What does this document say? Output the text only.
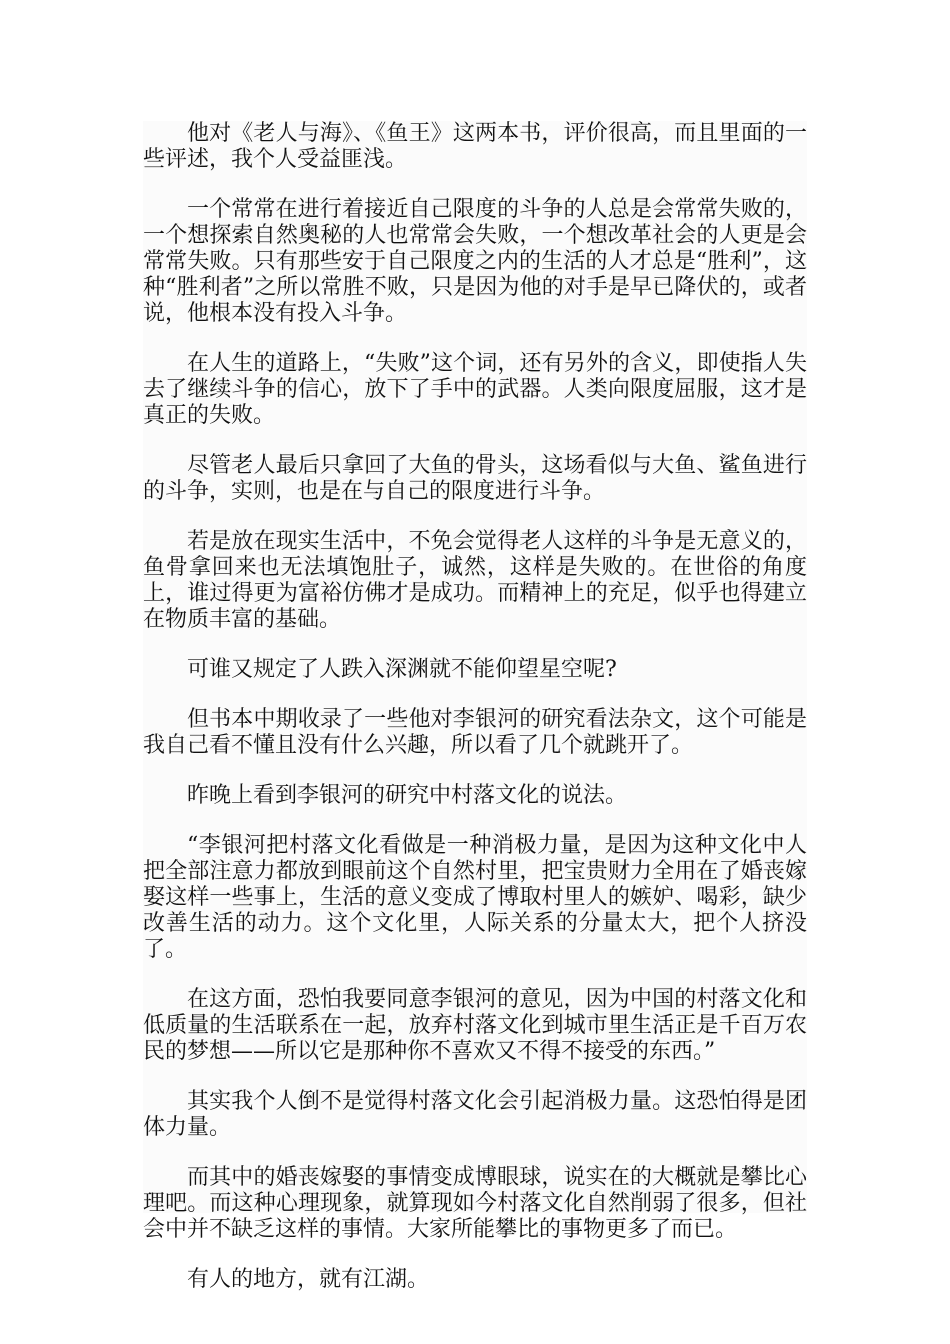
他对《老人与海》、《鱼王》这两本书，评价很高，而且里面的一些评述，我个人受益匪浅。

一个常常在进行着接近自己限度的斗争的人总是会常常失败的，一个想探索自然奥秘的人也常常会失败，一个想改革社会的人更是会常常失败。只有那些安于自己限度之内的生活的人才总是“胜利”，这种“胜利者”之所以常胜不败，只是因为他的对手是早已降伏的，或者说，他根本没有投入斗争。

在人生的道路上，“失败”这个词，还有另外的含义，即使指人失去了继续斗争的信心，放下了手中的武器。人类向限度屈服，这才是真正的失败。

尽管老人最后只拿回了大鱼的骨头，这场看似与大鱼、鲨鱼进行的斗争，实则，也是在与自己的限度进行斗争。

若是放在现实生活中，不免会觉得老人这样的斗争是无意义的，鱼骨拿回来也无法填饱肚子，诚然，这样是失败的。在世俗的角度上，谁过得更为富裕仿佛才是成功。而精神上的充足，似乎也得建立在物质丰富的基础。

可谁又规定了人跌入深渊就不能仰望星空呢?

但书本中期收录了一些他对李银河的研究看法杂文，这个可能是我自己看不懂且没有什么兴趣，所以看了几个就跳开了。

昨晚上看到李银河的研究中村落文化的说法。

“李银河把村落文化看做是一种消极力量，是因为这种文化中人把全部注意力都放到眼前这个自然村里，把宝贵财力全用在了婚丧嫁娶这样一些事上，生活的意义变成了博取村里人的嫉妒、喝彩，缺少改善生活的动力。这个文化里，人际关系的分量太大，把个人挤没了。

在这方面，恐怕我要同意李银河的意见，因为中国的村落文化和低质量的生活联系在一起，放弃村落文化到城市里生活正是千百万农民的梦想——所以它是那种你不喜欢又不得不接受的东西。”

其实我个人倒不是觉得村落文化会引起消极力量。这恐怕得是团体力量。

而其中的婚丧嫁娶的事情变成博眼球，说实在的大概就是攀比心理吧。而这种心理现象，就算现如今村落文化自然削弱了很多，但社会中并不缺乏这样的事情。大家所能攀比的事物更多了而已。

有人的地方，就有江湖。
